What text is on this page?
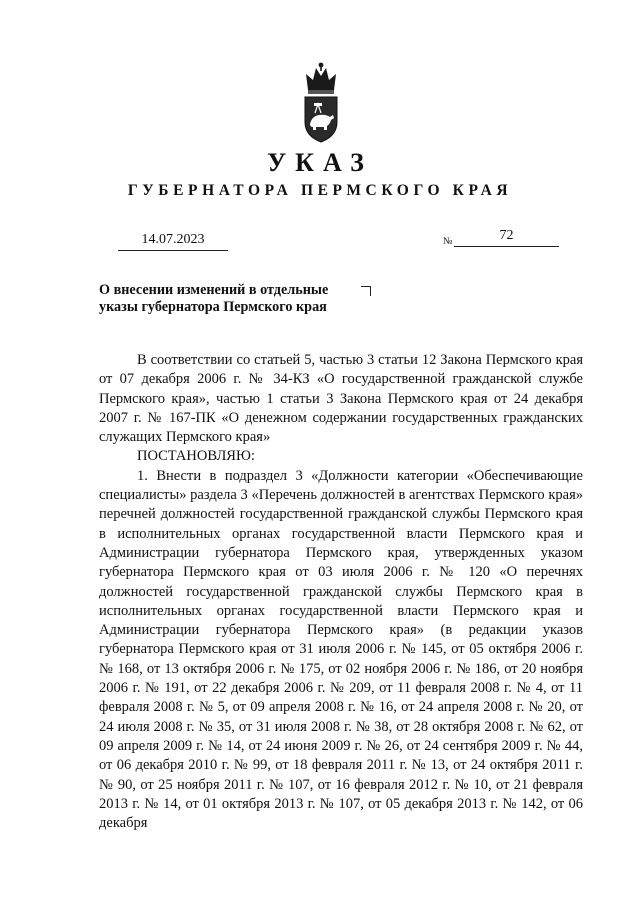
УКАЗ
ГУБЕРНАТОРА ПЕРМСКОГО КРАЯ
14.07.2023	№	72
О внесении изменений в отдельные указы губернатора Пермского края

В соответствии со статьей 5, частью 3 статьи 12 Закона Пермского края от 07 декабря 2006 г. № 34-КЗ «О государственной гражданской службе Пермского края», частью 1 статьи 3 Закона Пермского края от 24 декабря 2007 г. № 167-ПК «О денежном содержании государственных гражданских служащих Пермского края»

ПОСТАНОВЛЯЮ:

1. Внести в подраздел 3 «Должности категории «Обеспечивающие специалисты» раздела 3 «Перечень должностей в агентствах Пермского края» перечней должностей государственной гражданской службы Пермского края в исполнительных органах государственной власти Пермского края и Администрации губернатора Пермского края, утвержденных указом губернатора Пермского края от 03 июля 2006 г. № 120 «О перечнях должностей государственной гражданской службы Пермского края в исполнительных органах государственной власти Пермского края и Администрации губернатора Пермского края» (в редакции указов губернатора Пермского края от 31 июля 2006 г. № 145, от 05 октября 2006 г. № 168, от 13 октября 2006 г. № 175, от 02 ноября 2006 г. № 186, от 20 ноября 2006 г. № 191, от 22 декабря 2006 г. № 209, от 11 февраля 2008 г. № 4, от 11 февраля 2008 г. № 5, от 09 апреля 2008 г. № 16, от 24 апреля 2008 г. № 20, от 24 июля 2008 г. № 35, от 31 июля 2008 г. № 38, от 28 октября 2008 г. № 62, от 09 апреля 2009 г. № 14, от 24 июня 2009 г. № 26, от 24 сентября 2009 г. № 44, от 06 декабря 2010 г. № 99, от 18 февраля 2011 г. № 13, от 24 октября 2011 г. № 90, от 25 ноября 2011 г. № 107, от 16 февраля 2012 г. № 10, от 21 февраля 2013 г. № 14, от 01 октября 2013 г. № 107, от 05 декабря 2013 г. № 142, от 06 декабря
